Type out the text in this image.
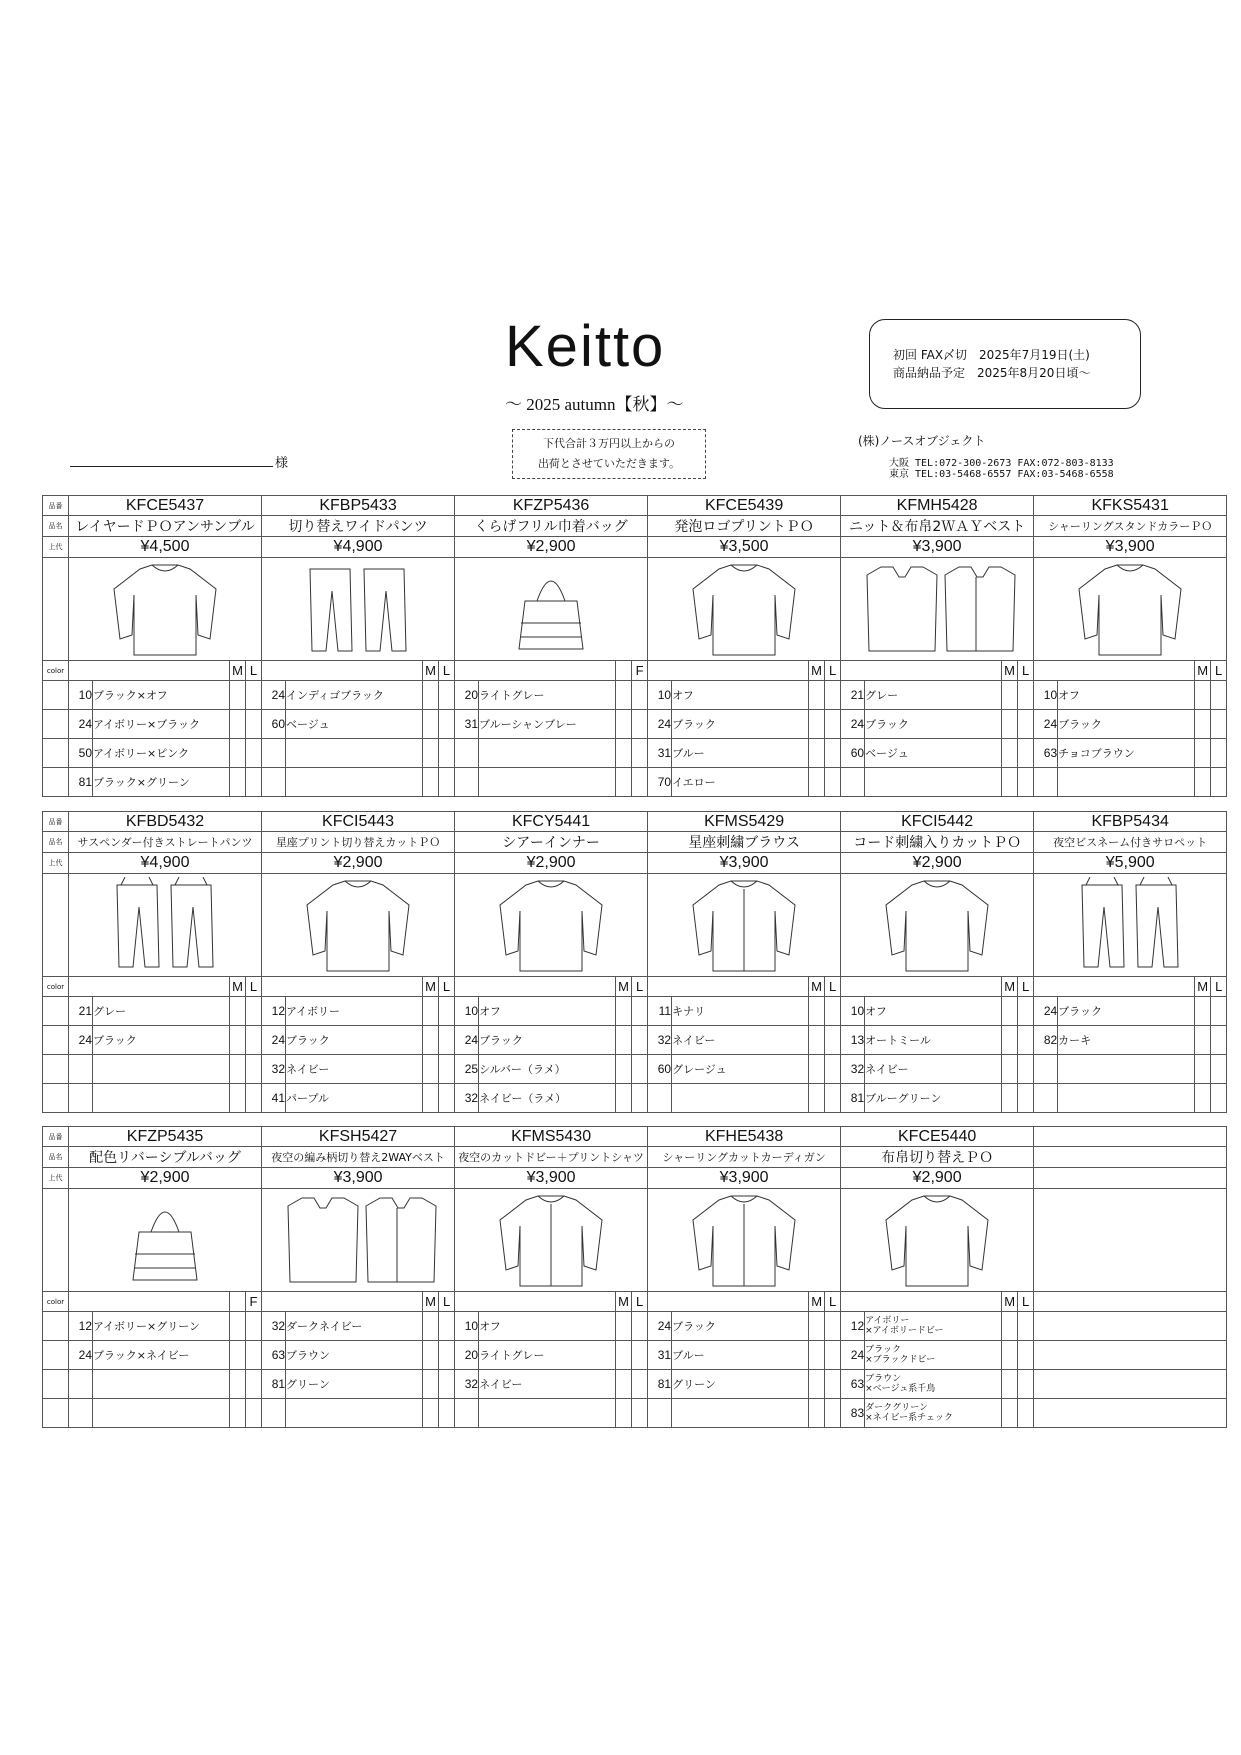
Keitto
～ 2025 autumn【秋】～
下代合計３万円以上からの
出荷とさせていただきます。
初回 FAX〆切　2025年7月19日(土)
商品納品予定　2025年8月20日頃～
様
(株)ノースオブジェクト
大阪 TEL:072-300-2673 FAX:072-803-8133
東京 TEL:03-5468-6557 FAX:03-5468-6558
品番	KFCE5437				KFBP5433				KFZP5436				KFCE5439				KFMH5428				KFKS5431			
品名	レイヤードＰＯアンサンブル				切り替えワイドパンツ				くらげフリル巾着バッグ				発泡ロゴプリントＰＯ				ニット＆布帛2ＷＡＹベスト				シャーリングスタンドカラーＰＯ			
上代	¥4,500				¥4,900				¥2,900				¥3,500				¥3,900				¥3,900			

color			M	L			M	L				F			M	L			M	L			M	L
	10	ブラック×オフ			24	インディゴブラック			20	ライトグレー			10	オフ			21	グレー			10	オフ		
	24	アイボリー×ブラック			60	ベージュ			31	ブルーシャンブレー			24	ブラック			24	ブラック			24	ブラック		
	50	アイボリー×ピンク											31	ブルー			60	ベージュ			63	チョコブラウン		
	81	ブラック×グリーン											70	イエロー										
品番	KFBD5432				KFCI5443				KFCY5441				KFMS5429				KFCI5442				KFBP5434			
品名	サスペンダー付きストレートパンツ				星座プリント切り替えカットＰＯ				シアーインナー				星座刺繍ブラウス				コード刺繍入りカットＰＯ				夜空ビスネーム付きサロペット			
上代	¥4,900				¥2,900				¥2,900				¥3,900				¥2,900				¥5,900			

color			M	L			M	L			M	L			M	L			M	L			M	L
	21	グレー			12	アイボリー			10	オフ			11	キナリ			10	オフ			24	ブラック		
	24	ブラック			24	ブラック			24	ブラック			32	ネイビー			13	オートミール			82	カーキ		
					32	ネイビー			25	シルバー（ラメ）			60	グレージュ			32	ネイビー						
					41	パープル			32	ネイビー（ラメ）							81	ブルーグリーン						
品番	KFZP5435				KFSH5427				KFMS5430				KFHE5438				KFCE5440				
品名	配色リバーシブルバッグ				夜空の編み柄切り替え2WAYベスト				夜空のカットドビー＋プリントシャツ				シャーリングカットカーディガン				布帛切り替えＰＯ				
上代	¥2,900				¥3,900				¥3,900				¥3,900				¥2,900				

color				F			M	L			M	L			M	L			M	L	
	12	アイボリー×グリーン			32	ダークネイビー			10	オフ			24	ブラック			12	アイボリー
×アイボリードビー			

	24	ブラック×ネイビー			63	ブラウン			20	ライトグレー			31	ブルー			24	ブラック
×ブラックドビー			

					81	グリーン			32	ネイビー			81	グリーン			63	ブラウン
×ベージュ系千鳥			

																	83	ダークグリーン
×ネイビー系チェック			
